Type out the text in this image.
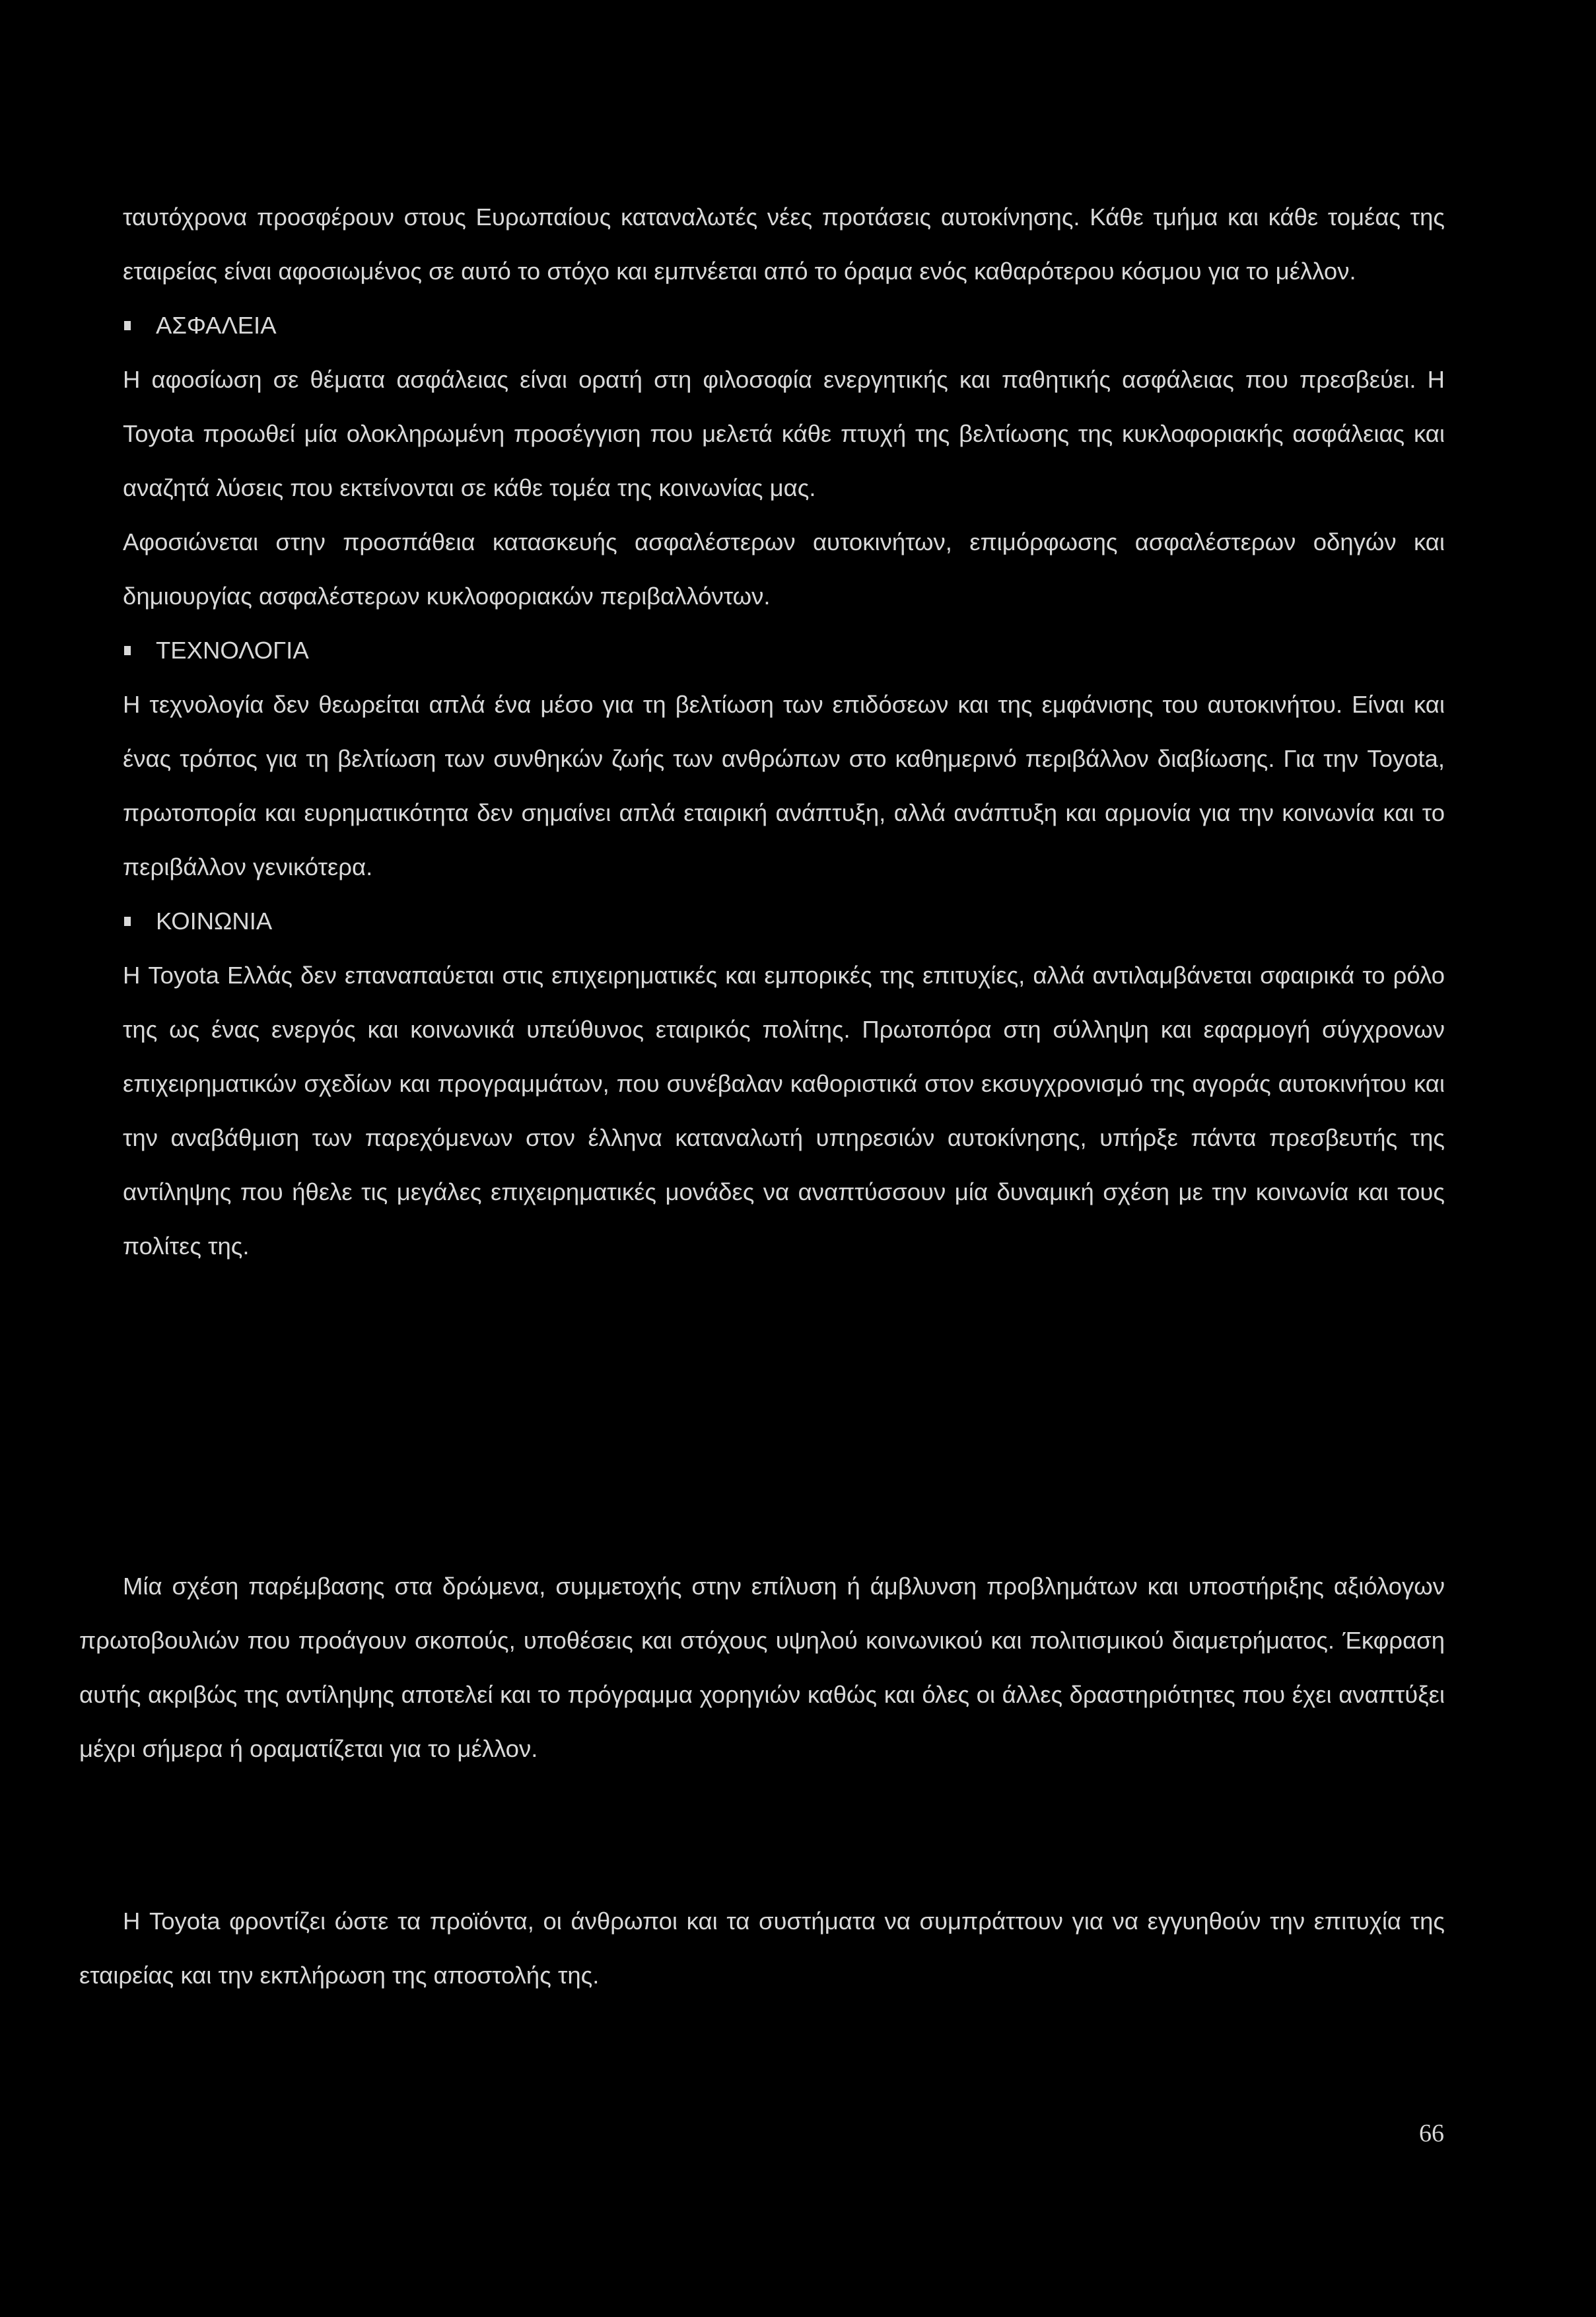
ταυτόχρονα προσφέρουν στους Ευρωπαίους καταναλωτές νέες προτάσεις αυτοκίνησης. Κάθε τμήμα και κάθε τομέας της εταιρείας είναι αφοσιωμένος σε αυτό το στόχο και εμπνέεται από το όραμα ενός καθαρότερου κόσμου για το μέλλον.

ΑΣΦΑΛΕΙΑ

Η αφοσίωση σε θέματα ασφάλειας είναι ορατή στη φιλοσοφία ενεργητικής και παθητικής ασφάλειας που πρεσβεύει. Η Toyota προωθεί μία ολοκληρωμένη προσέγγιση που μελετά κάθε πτυχή της βελτίωσης της κυκλοφοριακής ασφάλειας και αναζητά λύσεις που εκτείνονται σε κάθε τομέα της κοινωνίας μας.

Αφοσιώνεται στην προσπάθεια κατασκευής ασφαλέστερων αυτοκινήτων, επιμόρφωσης ασφαλέστερων οδηγών και δημιουργίας ασφαλέστερων κυκλοφοριακών περιβαλλόντων.

ΤΕΧΝΟΛΟΓΙΑ

Η τεχνολογία δεν θεωρείται απλά ένα μέσο για τη βελτίωση των επιδόσεων και της εμφάνισης του αυτοκινήτου. Είναι και ένας τρόπος για τη βελτίωση των συνθηκών ζωής των ανθρώπων στο καθημερινό περιβάλλον διαβίωσης. Για την Toyota, πρωτοπορία και ευρηματικότητα δεν σημαίνει απλά εταιρική ανάπτυξη, αλλά ανάπτυξη και αρμονία για την κοινωνία και το περιβάλλον γενικότερα.

ΚΟΙΝΩΝΙΑ

Η Toyota Ελλάς δεν επαναπαύεται στις επιχειρηματικές και εμπορικές της επιτυχίες, αλλά αντιλαμβάνεται σφαιρικά το ρόλο της ως ένας ενεργός και κοινωνικά υπεύθυνος εταιρικός πολίτης. Πρωτοπόρα στη σύλληψη και εφαρμογή σύγχρονων επιχειρηματικών σχεδίων και προγραμμάτων, που συνέβαλαν καθοριστικά στον εκσυγχρονισμό της αγοράς αυτοκινήτου και την αναβάθμιση των παρεχόμενων στον έλληνα καταναλωτή υπηρεσιών αυτοκίνησης, υπήρξε πάντα πρεσβευτής της αντίληψης που ήθελε τις μεγάλες επιχειρηματικές μονάδες να αναπτύσσουν μία δυναμική σχέση με την κοινωνία και τους πολίτες της.

Μία σχέση παρέμβασης στα δρώμενα, συμμετοχής στην επίλυση ή άμβλυνση προβλημάτων και υποστήριξης αξιόλογων πρωτοβουλιών που προάγουν σκοπούς, υποθέσεις και στόχους υψηλού κοινωνικού και πολιτισμικού διαμετρήματος. Έκφραση αυτής ακριβώς της αντίληψης αποτελεί και το πρόγραμμα χορηγιών καθώς και όλες οι άλλες δραστηριότητες που έχει αναπτύξει μέχρι σήμερα ή οραματίζεται για το μέλλον.

Η Toyota φροντίζει ώστε τα προϊόντα, οι άνθρωποι και τα συστήματα να συμπράττουν για να εγγυηθούν την επιτυχία της εταιρείας και την εκπλήρωση της αποστολής της.

66
